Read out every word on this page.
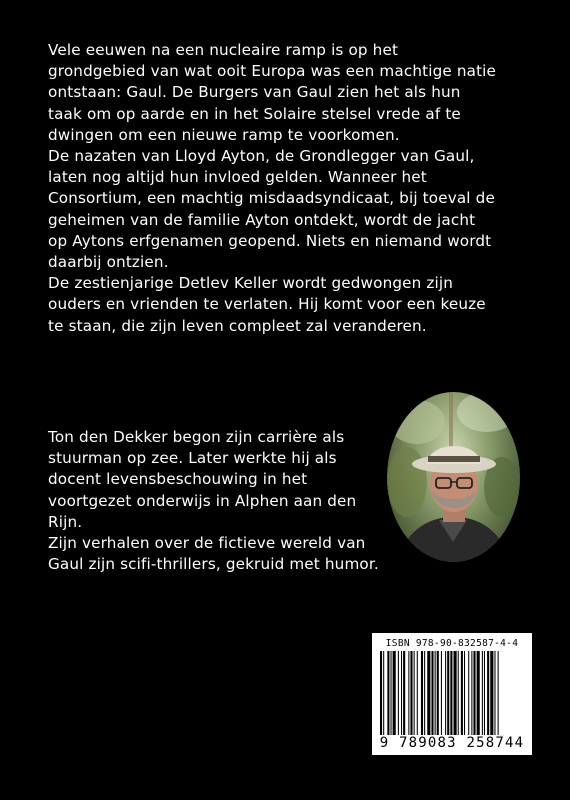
Vele eeuwen na een nucleaire ramp is op het
grondgebied van wat ooit Europa was een machtige natie
ontstaan: Gaul. De Burgers van Gaul zien het als hun
taak om op aarde en in het Solaire stelsel vrede af te
dwingen om een nieuwe ramp te voorkomen.

De nazaten van Lloyd Ayton, de Grondlegger van Gaul,
laten nog altijd hun invloed gelden. Wanneer het
Consortium, een machtig misdaadsyndicaat, bij toeval de
geheimen van de familie Ayton ontdekt, wordt de jacht
op Aytons erfgenamen geopend. Niets en niemand wordt
daarbij ontzien.

De zestienjarige Detlev Keller wordt gedwongen zijn
ouders en vrienden te verlaten. Hij komt voor een keuze
te staan, die zijn leven compleet zal veranderen.

Ton den Dekker begon zijn carrière als
stuurman op zee. Later werkte hij als
docent levensbeschouwing in het
voortgezet onderwijs in Alphen aan den
Rijn.

Zijn verhalen over de fictieve wereld van
Gaul zijn scifi-thrillers, gekruid met humor.

ISBN 978-90-832587-4-4
9 789083 258744
